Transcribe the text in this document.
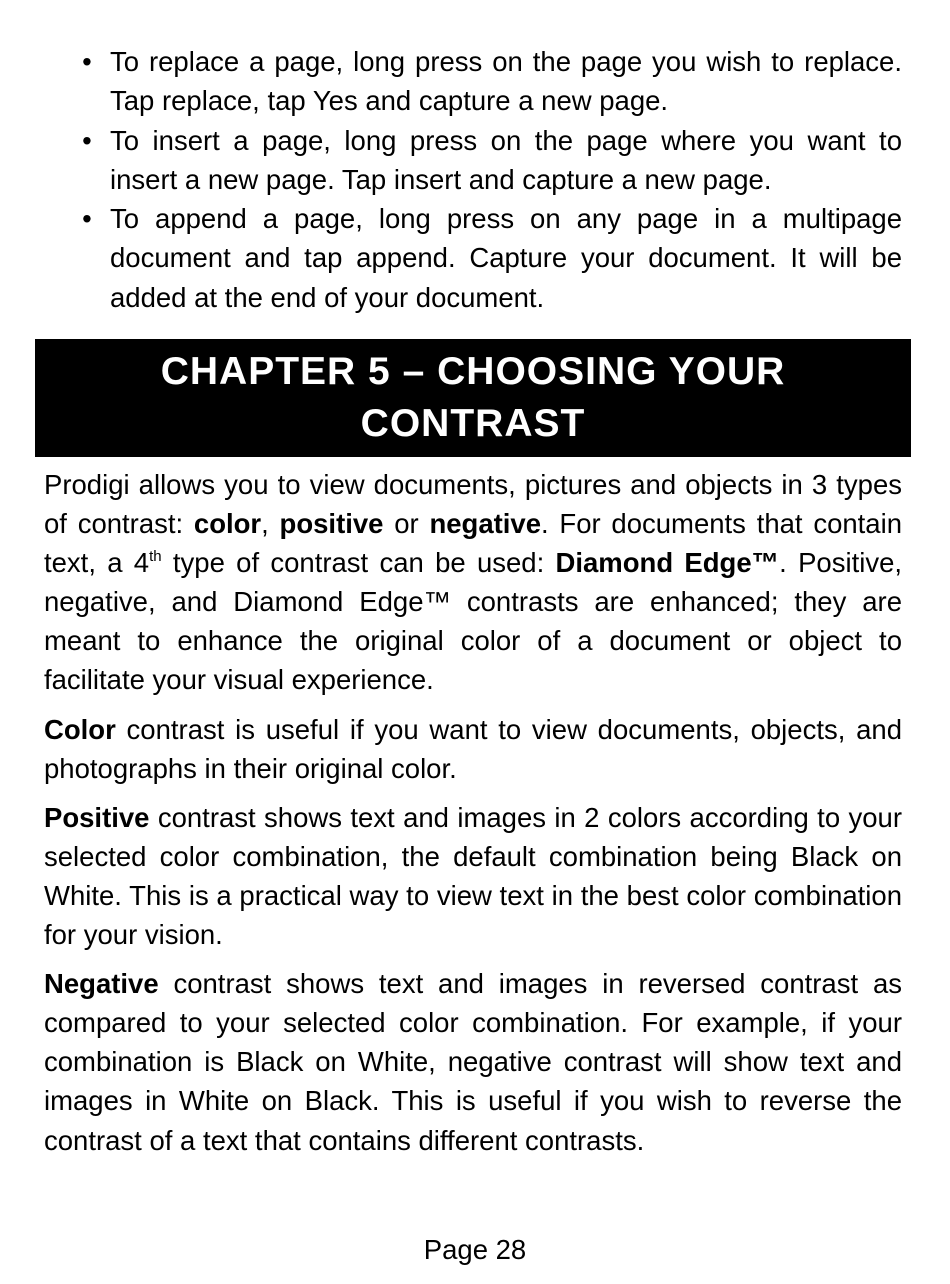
• To replace a page, long press on the page you wish to replace. Tap replace, tap Yes and capture a new page.
• To insert a page, long press on the page where you want to insert a new page. Tap insert and capture a new page.
• To append a page, long press on any page in a multipage document and tap append. Capture your document. It will be added at the end of your document.
CHAPTER 5 – CHOOSING YOUR CONTRAST

Prodigi allows you to view documents, pictures and objects in 3 types of contrast: color, positive or negative. For documents that contain text, a 4th type of contrast can be used: Diamond Edge™. Positive, negative, and Diamond Edge™ contrasts are enhanced; they are meant to enhance the original color of a document or object to facilitate your visual experience.

Color contrast is useful if you want to view documents, objects, and photographs in their original color.

Positive contrast shows text and images in 2 colors according to your selected color combination, the default combination being Black on White. This is a practical way to view text in the best color combination for your vision.

Negative contrast shows text and images in reversed contrast as compared to your selected color combination. For example, if your combination is Black on White, negative contrast will show text and images in White on Black. This is useful if you wish to reverse the contrast of a text that contains different contrasts.

Page 28
